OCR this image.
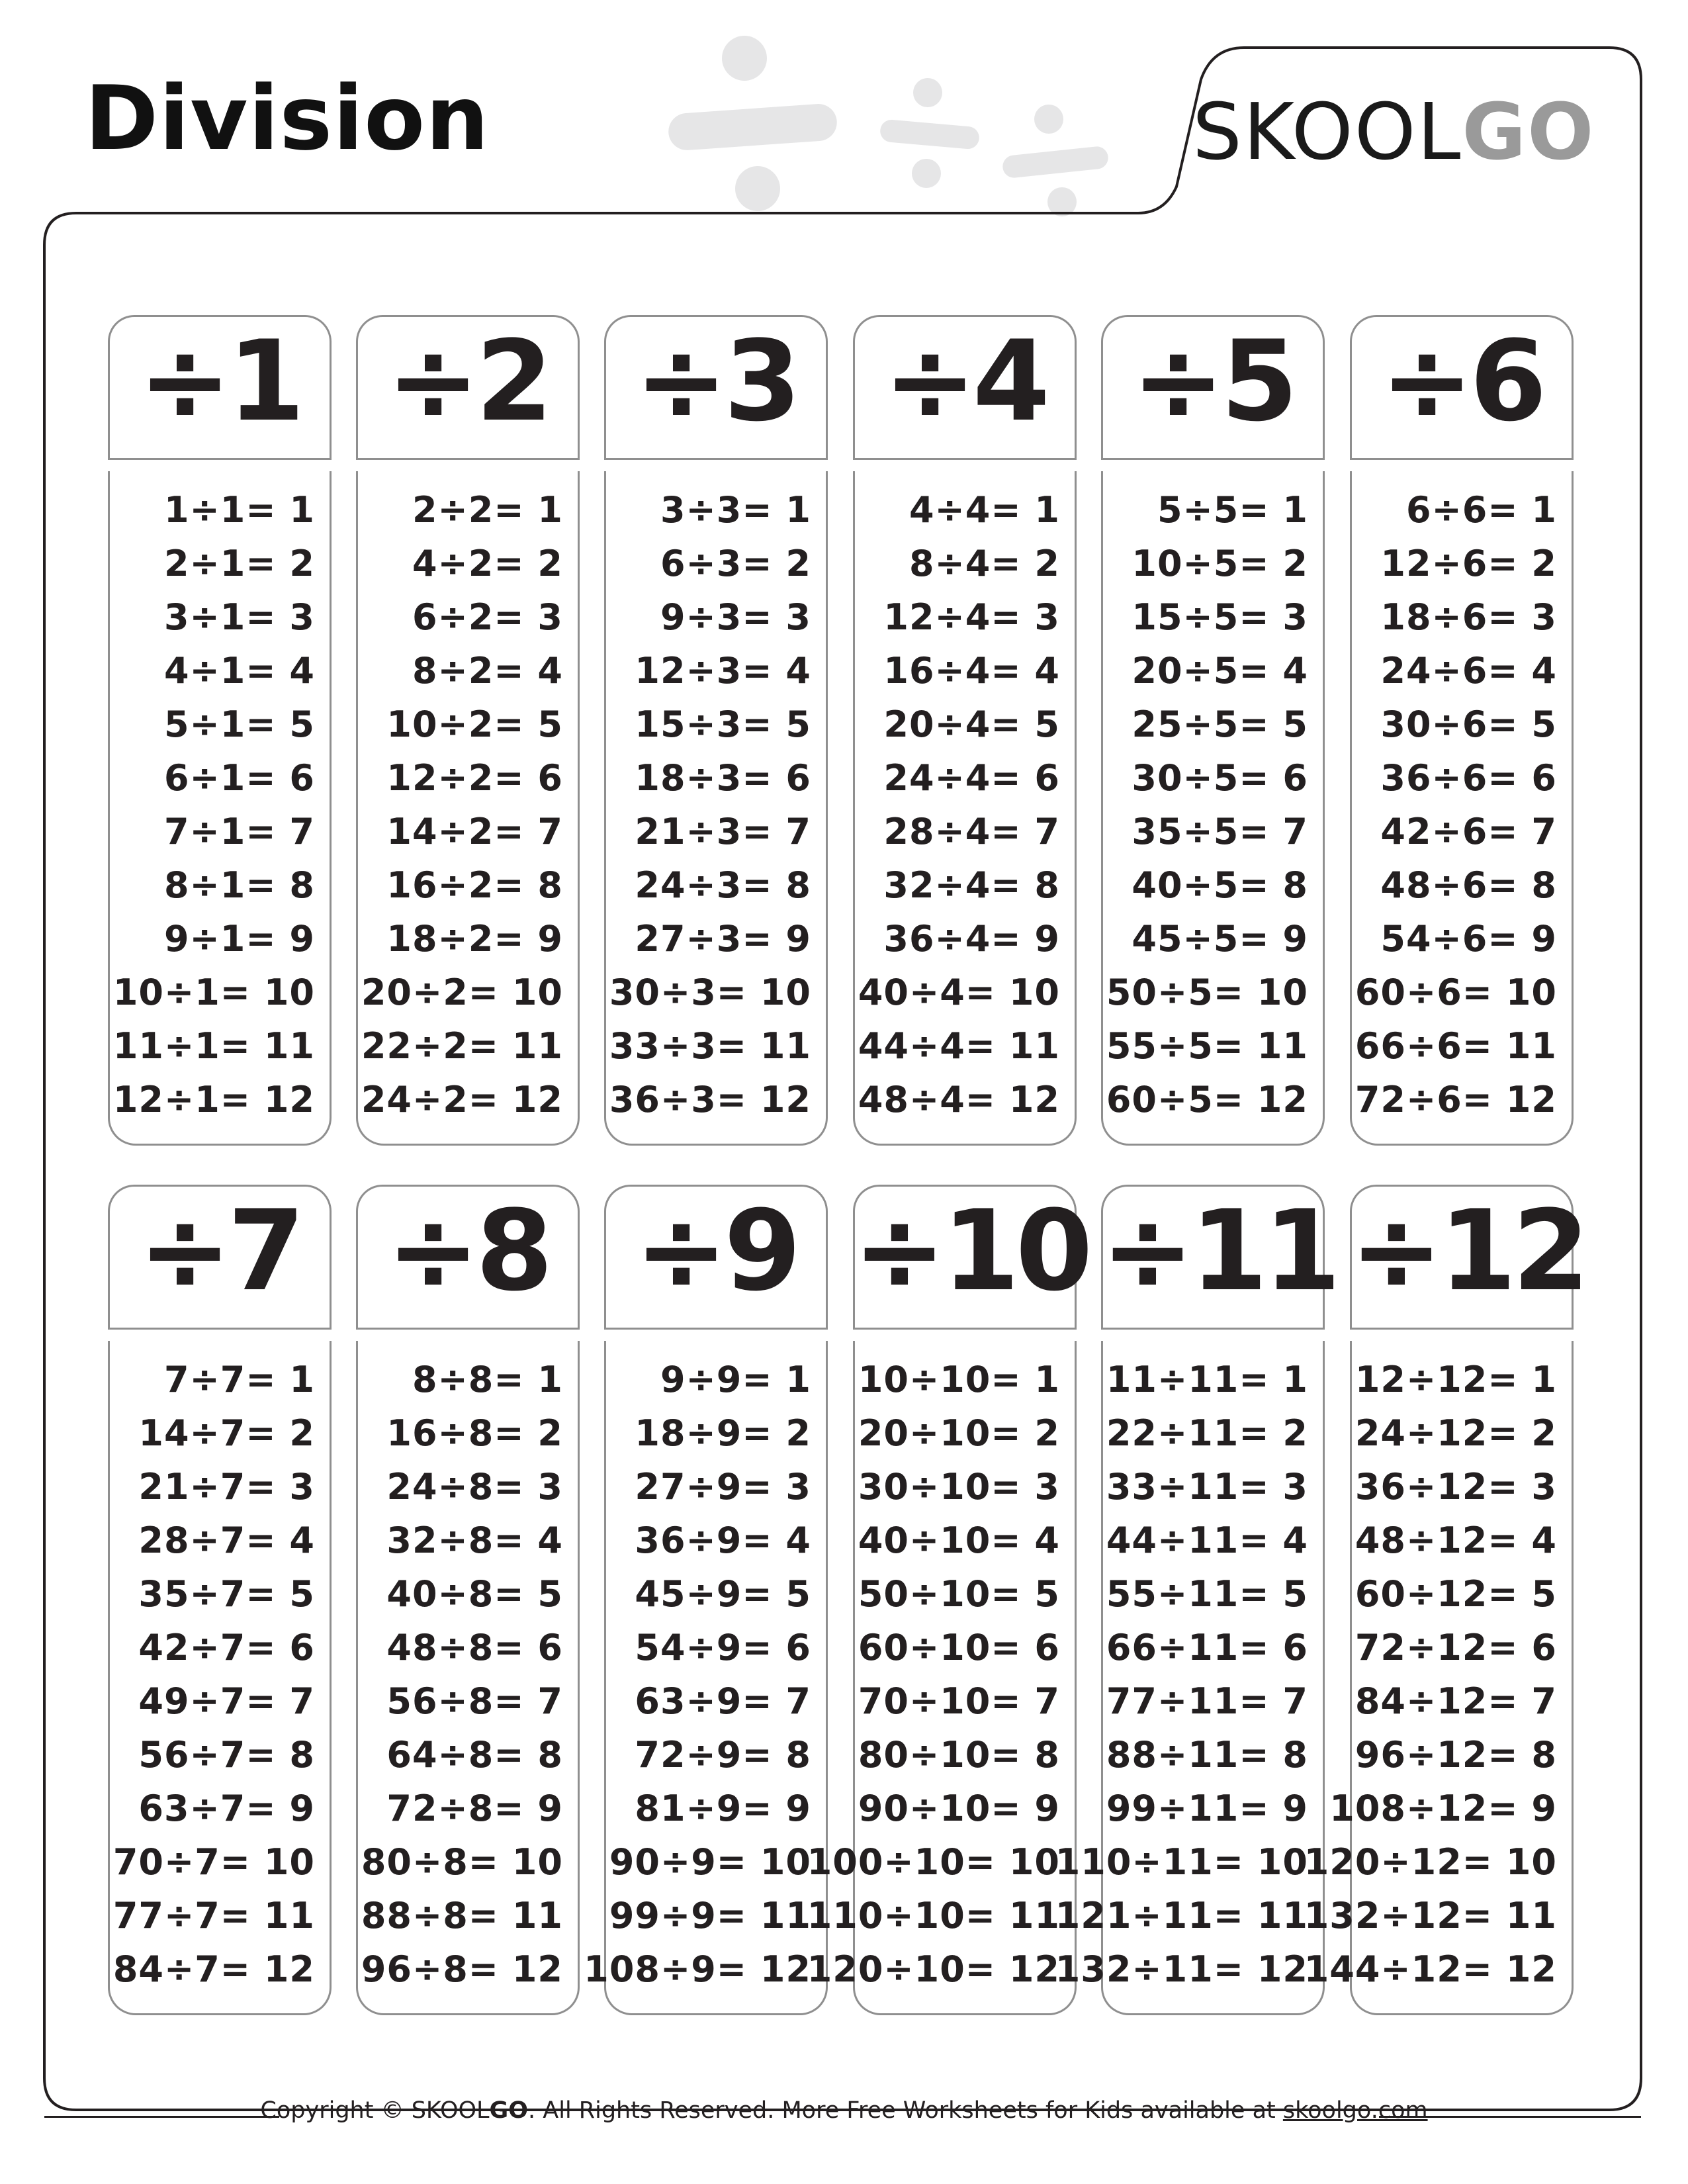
Division	SKOOLGO
÷1
1÷1= 1
2÷1= 2
3÷1= 3
4÷1= 4
5÷1= 5
6÷1= 6
7÷1= 7
8÷1= 8
9÷1= 9
10÷1= 10
11÷1= 11
12÷1= 12
÷2
2÷2= 1
4÷2= 2
6÷2= 3
8÷2= 4
10÷2= 5
12÷2= 6
14÷2= 7
16÷2= 8
18÷2= 9
20÷2= 10
22÷2= 11
24÷2= 12
÷3
3÷3= 1
6÷3= 2
9÷3= 3
12÷3= 4
15÷3= 5
18÷3= 6
21÷3= 7
24÷3= 8
27÷3= 9
30÷3= 10
33÷3= 11
36÷3= 12
÷4
4÷4= 1
8÷4= 2
12÷4= 3
16÷4= 4
20÷4= 5
24÷4= 6
28÷4= 7
32÷4= 8
36÷4= 9
40÷4= 10
44÷4= 11
48÷4= 12
÷5
5÷5= 1
10÷5= 2
15÷5= 3
20÷5= 4
25÷5= 5
30÷5= 6
35÷5= 7
40÷5= 8
45÷5= 9
50÷5= 10
55÷5= 11
60÷5= 12
÷6
6÷6= 1
12÷6= 2
18÷6= 3
24÷6= 4
30÷6= 5
36÷6= 6
42÷6= 7
48÷6= 8
54÷6= 9
60÷6= 10
66÷6= 11
72÷6= 12
÷7
7÷7= 1
14÷7= 2
21÷7= 3
28÷7= 4
35÷7= 5
42÷7= 6
49÷7= 7
56÷7= 8
63÷7= 9
70÷7= 10
77÷7= 11
84÷7= 12
÷8
8÷8= 1
16÷8= 2
24÷8= 3
32÷8= 4
40÷8= 5
48÷8= 6
56÷8= 7
64÷8= 8
72÷8= 9
80÷8= 10
88÷8= 11
96÷8= 12
÷9
9÷9= 1
18÷9= 2
27÷9= 3
36÷9= 4
45÷9= 5
54÷9= 6
63÷9= 7
72÷9= 8
81÷9= 9
90÷9= 10
99÷9= 11
108÷9= 12
÷10
10÷10= 1
20÷10= 2
30÷10= 3
40÷10= 4
50÷10= 5
60÷10= 6
70÷10= 7
80÷10= 8
90÷10= 9
100÷10= 10
110÷10= 11
120÷10= 12
÷11
11÷11= 1
22÷11= 2
33÷11= 3
44÷11= 4
55÷11= 5
66÷11= 6
77÷11= 7
88÷11= 8
99÷11= 9
110÷11= 10
121÷11= 11
132÷11= 12
÷12
12÷12= 1
24÷12= 2
36÷12= 3
48÷12= 4
60÷12= 5
72÷12= 6
84÷12= 7
96÷12= 8
108÷12= 9
120÷12= 10
132÷12= 11
144÷12= 12
Copyright © SKOOLGO. All Rights Reserved. More Free Worksheets for Kids available at skoolgo.com
